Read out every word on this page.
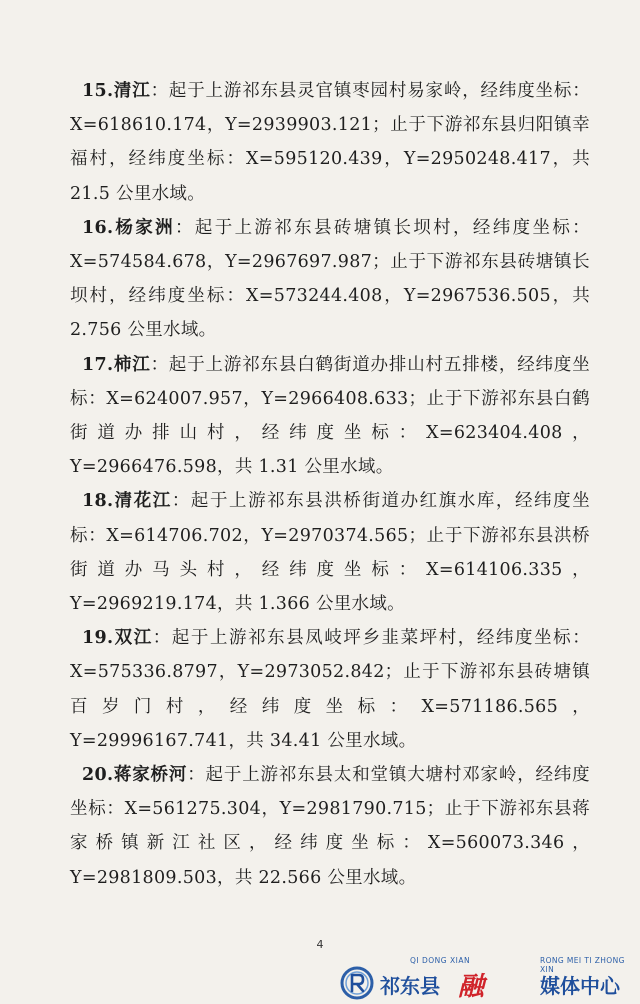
15.清江：起于上游祁东县灵官镇枣园村易家岭，经纬度坐标：X=618610.174，Y=2939903.121；止于下游祁东县归阳镇幸福村，经纬度坐标：X=595120.439，Y=2950248.417，共 21.5 公里水域。

16.杨家洲：起于上游祁东县砖塘镇长坝村，经纬度坐标：X=574584.678，Y=2967697.987；止于下游祁东县砖塘镇长坝村，经纬度坐标：X=573244.408，Y=2967536.505，共 2.756 公里水域。

17.柿江：起于上游祁东县白鹤街道办排山村五排楼，经纬度坐标：X=624007.957，Y=2966408.633；止于下游祁东县白鹤街道办排山村，经纬度坐标：X=623404.408，Y=2966476.598，共 1.31 公里水域。

18.清花江：起于上游祁东县洪桥街道办红旗水库，经纬度坐标：X=614706.702，Y=2970374.565；止于下游祁东县洪桥街道办马头村，经纬度坐标：X=614106.335，Y=2969219.174，共 1.366 公里水域。

19.双江：起于上游祁东县凤岐坪乡韭菜坪村，经纬度坐标：X=575336.8797，Y=2973052.842；止于下游祁东县砖塘镇百岁门村，经纬度坐标：X=571186.565，Y=29996167.741，共 34.41 公里水域。

20.蒋家桥河：起于上游祁东县太和堂镇大塘村邓家岭，经纬度坐标：X=561275.304，Y=2981790.715；止于下游祁东县蒋家桥镇新江社区，经纬度坐标：X=560073.346，Y=2981809.503，共 22.566 公里水域。

4
QI DONG XIAN	RONG MEI TI ZHONG XIN
祁东县 融	媒体中心
